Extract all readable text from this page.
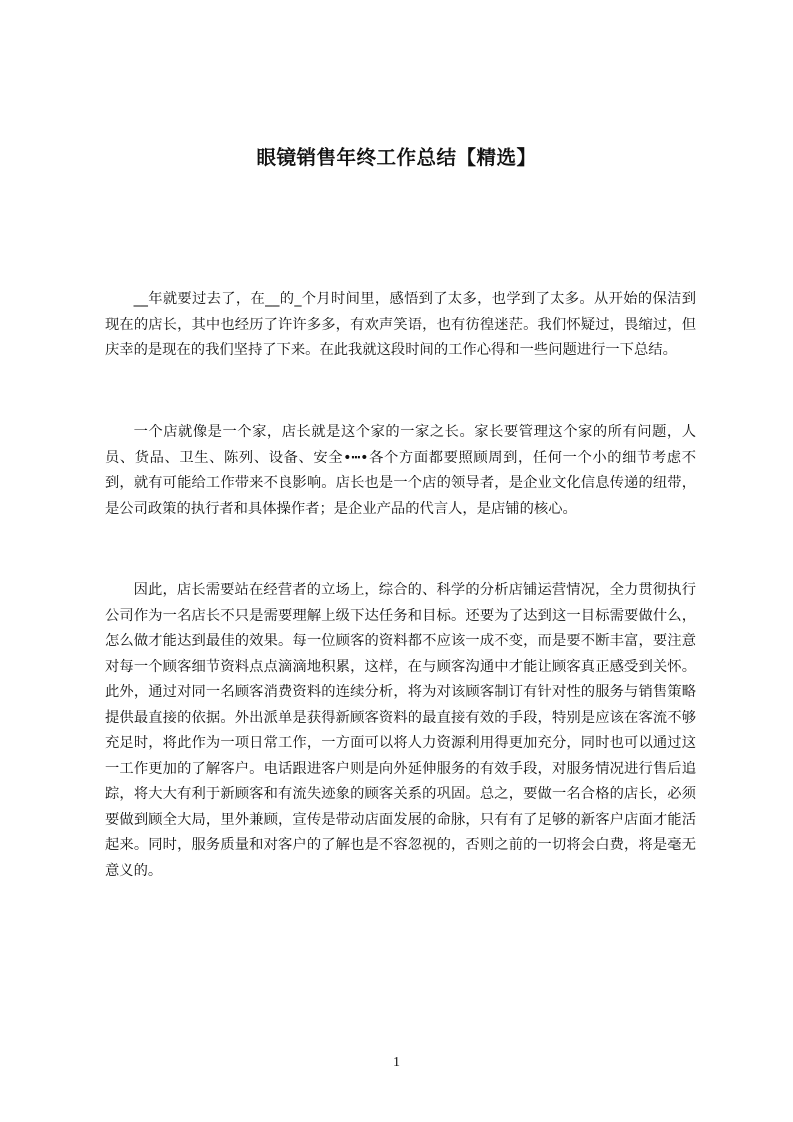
眼镜销售年终工作总结【精选】

__年就要过去了，在__的_个月时间里，感悟到了太多，也学到了太多。从开始的保洁到现在的店长，其中也经历了许许多多，有欢声笑语，也有彷徨迷茫。我们怀疑过，畏缩过，但庆幸的是现在的我们坚持了下来。在此我就这段时间的工作心得和一些问题进行一下总结。

一个店就像是一个家，店长就是这个家的一家之长。家长要管理这个家的所有问题，人员、货品、卫生、陈列、设备、安全•┅•各个方面都要照顾周到，任何一个小的细节考虑不到，就有可能给工作带来不良影响。店长也是一个店的领导者，是企业文化信息传递的纽带，是公司政策的执行者和具体操作者；是企业产品的代言人，是店铺的核心。

因此，店长需要站在经营者的立场上，综合的、科学的分析店铺运营情况，全力贯彻执行公司作为一名店长不只是需要理解上级下达任务和目标。还要为了达到这一目标需要做什么，怎么做才能达到最佳的效果。每一位顾客的资料都不应该一成不变，而是要不断丰富，要注意对每一个顾客细节资料点点滴滴地积累，这样，在与顾客沟通中才能让顾客真正感受到关怀。此外，通过对同一名顾客消费资料的连续分析，将为对该顾客制订有针对性的服务与销售策略提供最直接的依据。外出派单是获得新顾客资料的最直接有效的手段，特别是应该在客流不够充足时，将此作为一项日常工作，一方面可以将人力资源利用得更加充分，同时也可以通过这一工作更加的了解客户。电话跟进客户则是向外延伸服务的有效手段，对服务情况进行售后追踪，将大大有利于新顾客和有流失迹象的顾客关系的巩固。总之，要做一名合格的店长，必须要做到顾全大局，里外兼顾，宣传是带动店面发展的命脉，只有有了足够的新客户店面才能活起来。同时，服务质量和对客户的了解也是不容忽视的，否则之前的一切将会白费，将是毫无意义的。

1
